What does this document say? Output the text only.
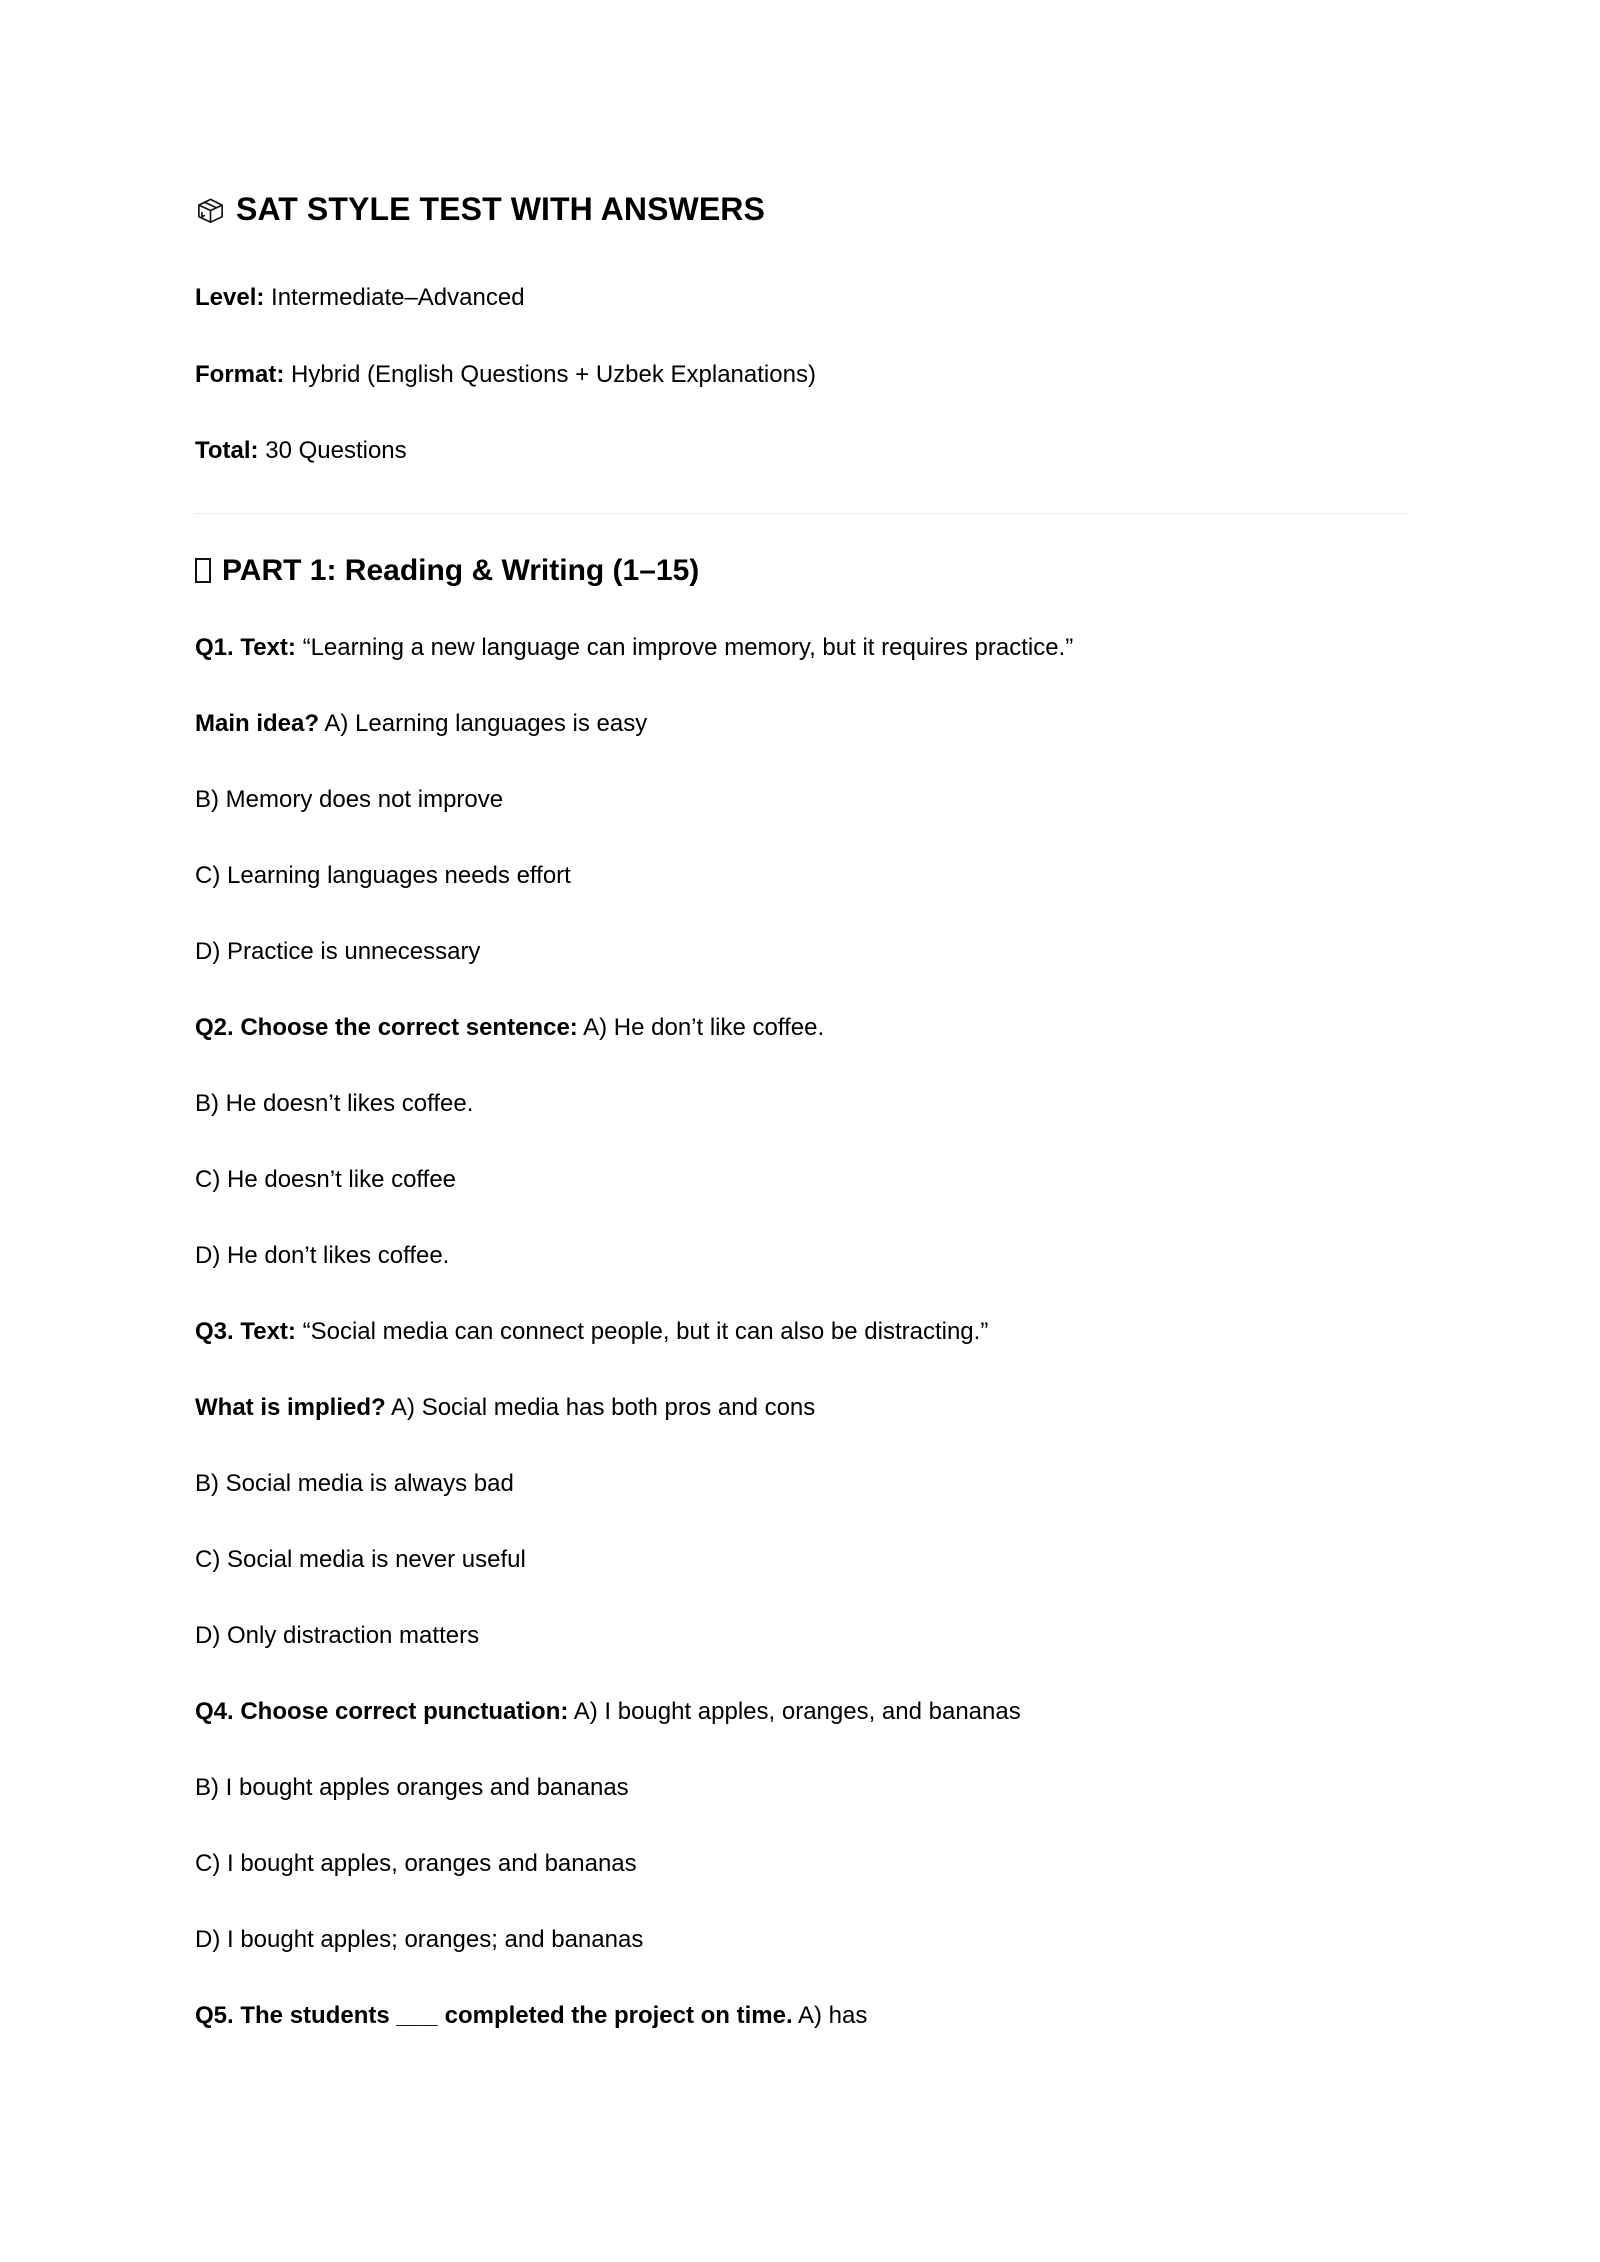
SAT STYLE TEST WITH ANSWERS
Level: Intermediate–Advanced
Format: Hybrid (English Questions + Uzbek Explanations)
Total: 30 Questions
PART 1: Reading & Writing (1–15)
Q1. Text: “Learning a new language can improve memory, but it requires practice.”
Main idea? A) Learning languages is easy
B) Memory does not improve
C) Learning languages needs effort
D) Practice is unnecessary
Q2. Choose the correct sentence: A) He don’t like coffee.
B) He doesn’t likes coffee.
C) He doesn’t like coffee
D) He don’t likes coffee.
Q3. Text: “Social media can connect people, but it can also be distracting.”
What is implied? A) Social media has both pros and cons
B) Social media is always bad
C) Social media is never useful
D) Only distraction matters
Q4. Choose correct punctuation: A) I bought apples, oranges, and bananas
B) I bought apples oranges and bananas
C) I bought apples, oranges and bananas
D) I bought apples; oranges; and bananas
Q5. The students ___ completed the project on time. A) has
